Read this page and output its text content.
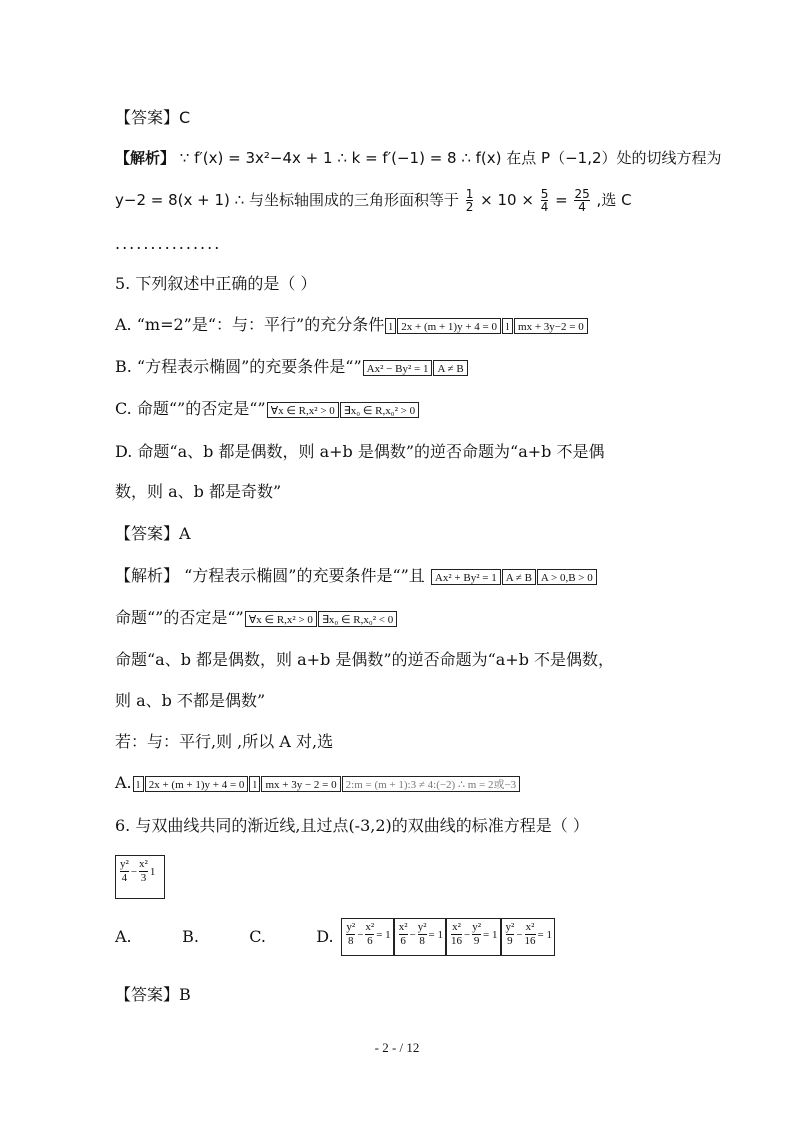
【答案】C
【解析】 ∵ f′(x) = 3x²−4x + 1 ∴ k = f′(−1) = 8 ∴ f(x) 在点 P（−1,2）处的切线方程为
y−2 = 8(x + 1) ∴ 与坐标轴围成的三角形面积等于 $\frac{1}{2} \times 10 \times \frac{5}{4} = \frac{25}{4}$ ,选 C
...............
5. 下列叙述中正确的是（ ）
A. “m=2”是“：与：平行”的充分条件 l 2x + (m + 1)y + 4 = 0 l mx + 3y−2 = 0
B. “方程表示椭圆”的充要条件是“” Ax² − By² = 1 A ≠ B
C. 命题“”的否定是“” ∀x ∈ R,x² > 0 ∃x₀ ∈ R,x₀² > 0
D. 命题“a、b 都是偶数，则 a+b 是偶数”的逆否命题为“a+b 不是偶
数，则 a、b 都是奇数”
【答案】A
【解析】 “方程表示椭圆”的充要条件是“”且 Ax² + By² = 1 A ≠ B A > 0,B > 0
命题“”的否定是“” ∀x ∈ R,x² > 0 ∃x₀ ∈ R,x₀² < 0
命题“a、b 都是偶数，则 a+b 是偶数”的逆否命题为“a+b 不是偶数，
则 a、b 不都是偶数”
若：与：平行,则 ,所以 A 对,选
A. l 2x + (m + 1)y + 4 = 0 l mx + 3y − 2 = 0 2:m = (m + 1):3 ≠ 4:(−2) ∴ m = 2或−3
6. 与双曲线共同的渐近线,且过点(-3,2)的双曲线的标准方程是（ ）
$\frac{\text{y²}}{4} - \frac{\text{x²}}{3} 1$
A.	B.	C.	D. $\frac{\text{y²}}{8} - \frac{\text{x²}}{6} = 1 \frac{\text{x²}}{6} - \frac{\text{y²}}{8} = 1 \frac{\text{x²}}{16} - \frac{\text{y²}}{9} = 1 \frac{\text{y²}}{9} - \frac{\text{x²}}{16} = 1$
【答案】B
- 2 - / 12
